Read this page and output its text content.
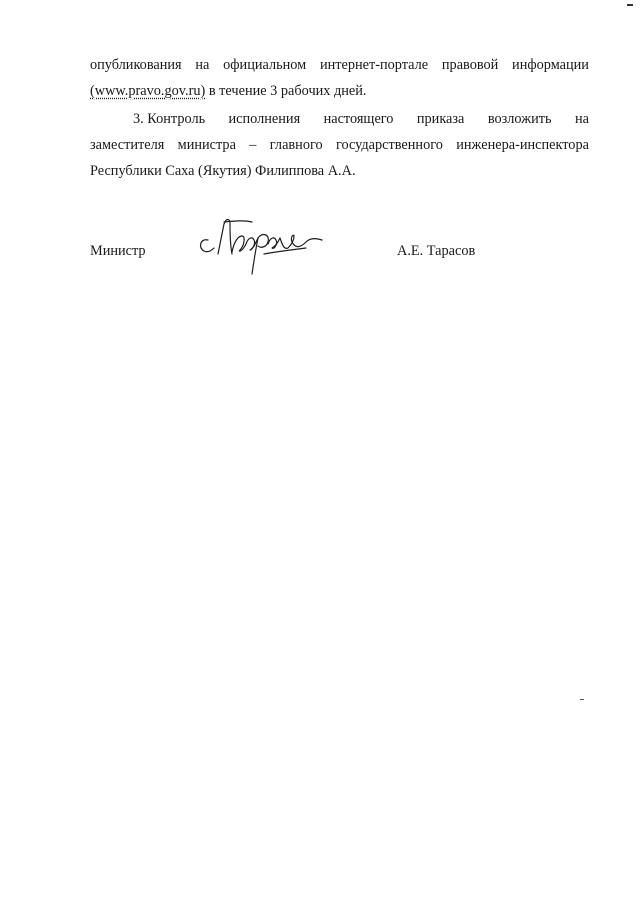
опубликования на официальном интернет-портале правовой информации
(www.pravo.gov.ru) в течение 3 рабочих дней.

3. Контроль исполнения настоящего приказа возложить на
заместителя министра – главного государственного инженера-инспектора
Республики Саха (Якутия) Филиппова А.А.

Министр	А.Е. Тарасов
